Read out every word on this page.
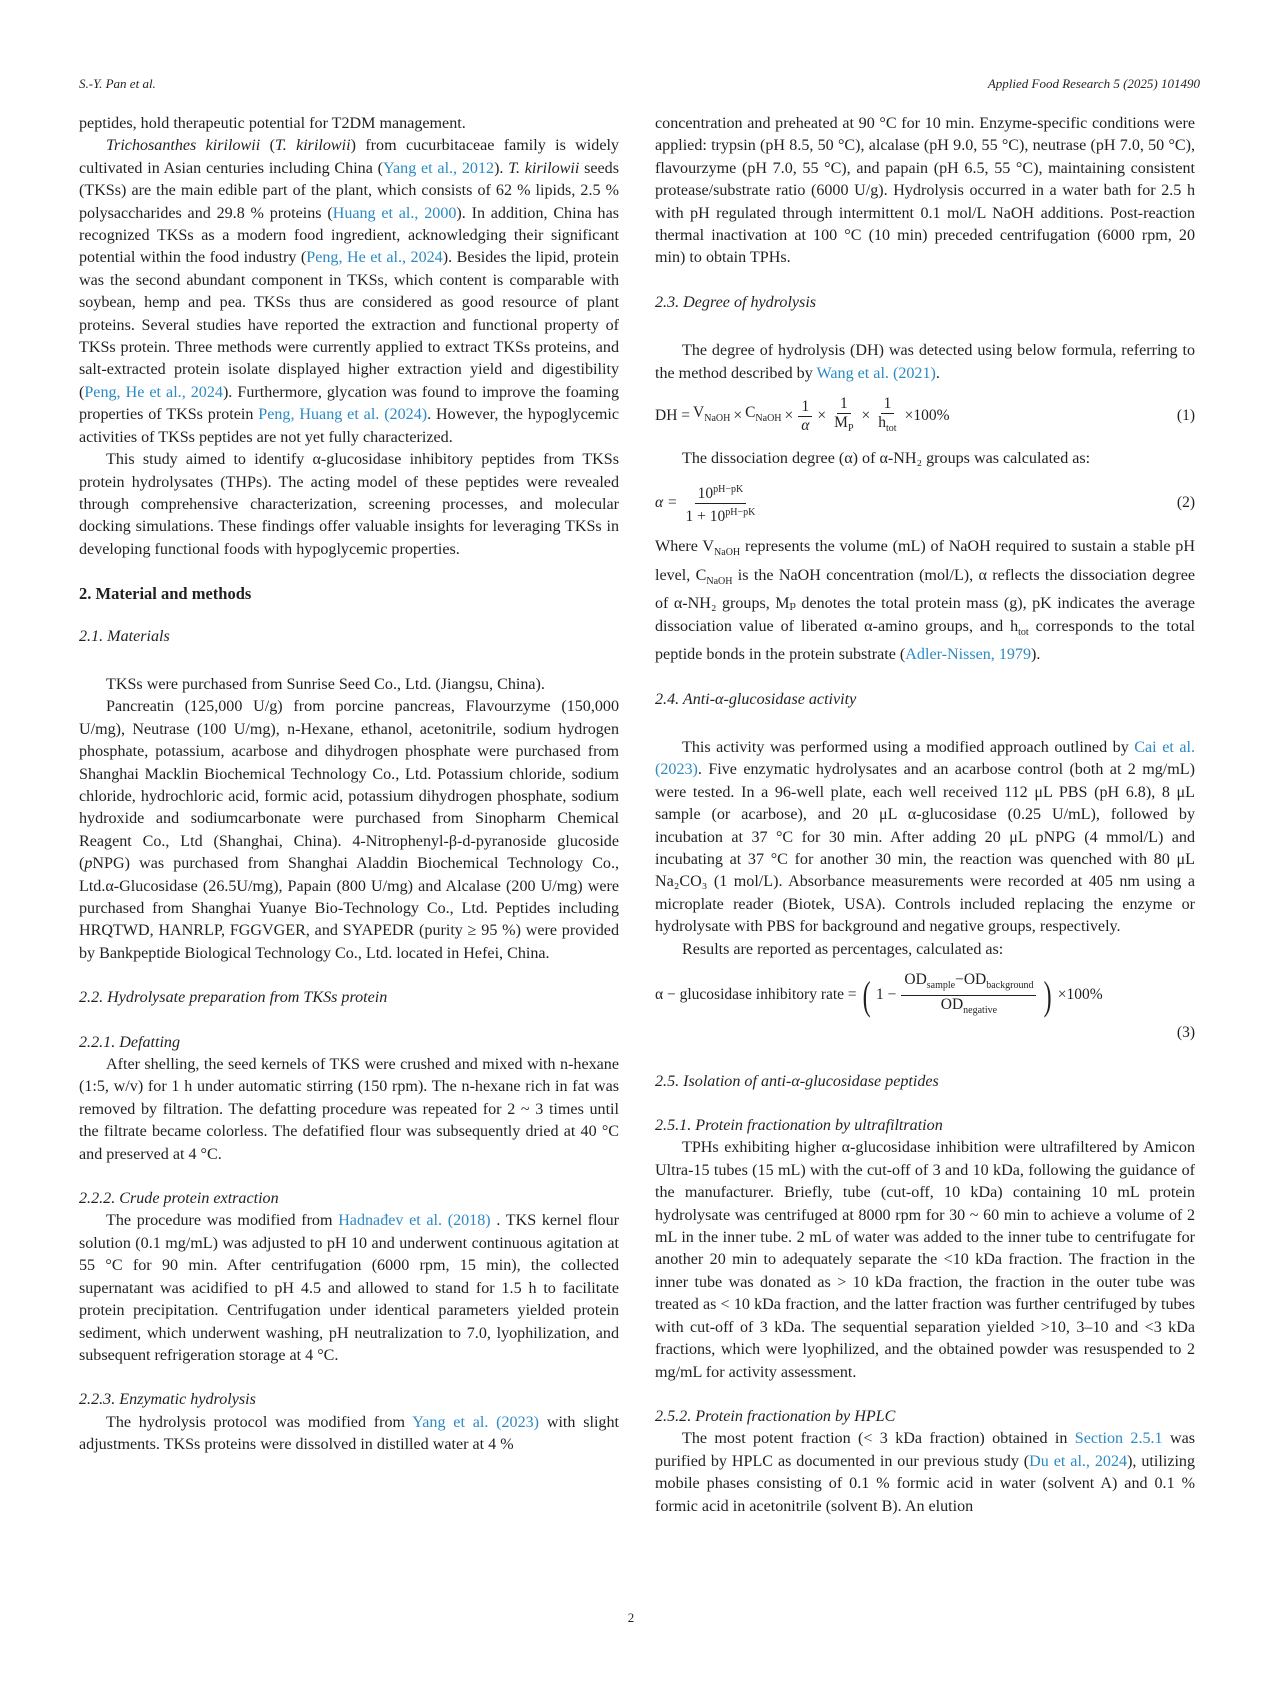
S.-Y. Pan et al.	Applied Food Research 5 (2025) 101490

peptides, hold therapeutic potential for T2DM management.

Trichosanthes kirilowii (T. kirilowii) from cucurbitaceae family is widely cultivated in Asian centuries including China (Yang et al., 2012). T. kirilowii seeds (TKSs) are the main edible part of the plant, which consists of 62 % lipids, 2.5 % polysaccharides and 29.8 % proteins (Huang et al., 2000). In addition, China has recognized TKSs as a modern food ingredient, acknowledging their significant potential within the food industry (Peng, He et al., 2024). Besides the lipid, protein was the second abundant component in TKSs, which content is comparable with soybean, hemp and pea. TKSs thus are considered as good resource of plant proteins. Several studies have reported the extraction and functional property of TKSs protein. Three methods were currently applied to extract TKSs proteins, and salt-extracted protein isolate displayed higher extraction yield and digestibility (Peng, He et al., 2024). Furthermore, glycation was found to improve the foaming properties of TKSs protein Peng, Huang et al. (2024). However, the hypoglycemic activities of TKSs peptides are not yet fully characterized.

This study aimed to identify α-glucosidase inhibitory peptides from TKSs protein hydrolysates (THPs). The acting model of these peptides were revealed through comprehensive characterization, screening processes, and molecular docking simulations. These findings offer valuable insights for leveraging TKSs in developing functional foods with hypoglycemic properties.

2. Material and methods
2.1. Materials

TKSs were purchased from Sunrise Seed Co., Ltd. (Jiangsu, China).

Pancreatin (125,000 U/g) from porcine pancreas, Flavourzyme (150,000 U/mg), Neutrase (100 U/mg), n-Hexane, ethanol, acetonitrile, sodium hydrogen phosphate, potassium, acarbose and dihydrogen phosphate were purchased from Shanghai Macklin Biochemical Technology Co., Ltd. Potassium chloride, sodium chloride, hydrochloric acid, formic acid, potassium dihydrogen phosphate, sodium hydroxide and sodiumcarbonate were purchased from Sinopharm Chemical Reagent Co., Ltd (Shanghai, China). 4-Nitrophenyl-β-d-pyranoside glucoside (pNPG) was purchased from Shanghai Aladdin Biochemical Technology Co., Ltd.α-Glucosidase (26.5U/mg), Papain (800 U/mg) and Alcalase (200 U/mg) were purchased from Shanghai Yuanye Bio-Technology Co., Ltd. Peptides including HRQTWD, HANRLP, FGGVGER, and SYAPEDR (purity ≥ 95 %) were provided by Bankpeptide Biological Technology Co., Ltd. located in Hefei, China.

2.2. Hydrolysate preparation from TKSs protein
2.2.1. Defatting

After shelling, the seed kernels of TKS were crushed and mixed with n-hexane (1:5, w/v) for 1 h under automatic stirring (150 rpm). The n-hexane rich in fat was removed by filtration. The defatting procedure was repeated for 2 ~ 3 times until the filtrate became colorless. The defatified flour was subsequently dried at 40 °C and preserved at 4 °C.

2.2.2. Crude protein extraction

The procedure was modified from Hadnađev et al. (2018) . TKS kernel flour solution (0.1 mg/mL) was adjusted to pH 10 and underwent continuous agitation at 55 °C for 90 min. After centrifugation (6000 rpm, 15 min), the collected supernatant was acidified to pH 4.5 and allowed to stand for 1.5 h to facilitate protein precipitation. Centrifugation under identical parameters yielded protein sediment, which underwent washing, pH neutralization to 7.0, lyophilization, and subsequent refrigeration storage at 4 °C.

2.2.3. Enzymatic hydrolysis

The hydrolysis protocol was modified from Yang et al. (2023) with slight adjustments. TKSs proteins were dissolved in distilled water at 4 %

concentration and preheated at 90 °C for 10 min. Enzyme-specific conditions were applied: trypsin (pH 8.5, 50 °C), alcalase (pH 9.0, 55 °C), neutrase (pH 7.0, 50 °C), flavourzyme (pH 7.0, 55 °C), and papain (pH 6.5, 55 °C), maintaining consistent protease/substrate ratio (6000 U/g). Hydrolysis occurred in a water bath for 2.5 h with pH regulated through intermittent 0.1 mol/L NaOH additions. Post-reaction thermal inactivation at 100 °C (10 min) preceded centrifugation (6000 rpm, 20 min) to obtain TPHs.

2.3. Degree of hydrolysis

The degree of hydrolysis (DH) was detected using below formula, referring to the method described by Wang et al. (2021).

DH = $V_{NaOH} \times C_{NaOH} \times \frac{1}{\alpha} \times \frac{1}{M_P} \times \frac{1}{h_{tot}} \times 100\%$	(1)

The dissociation degree (α) of α-NH₂ groups was calculated as:

$\alpha = \frac{10^{pH-pK}}{1 + 10^{pH-pK}}$	(2)

Where $V_{NaOH}$ represents the volume (mL) of NaOH required to sustain a stable pH level, $C_{NaOH}$ is the NaOH concentration (mol/L), α reflects the dissociation degree of α-NH₂ groups, Mₚ denotes the total protein mass (g), pK indicates the average dissociation value of liberated α-amino groups, and $h_{tot}$ corresponds to the total peptide bonds in the protein substrate (Adler-Nissen, 1979).

2.4. Anti-α-glucosidase activity

This activity was performed using a modified approach outlined by Cai et al. (2023). Five enzymatic hydrolysates and an acarbose control (both at 2 mg/mL) were tested. In a 96-well plate, each well received 112 μL PBS (pH 6.8), 8 μL sample (or acarbose), and 20 μL α-glucosidase (0.25 U/mL), followed by incubation at 37 °C for 30 min. After adding 20 μL pNPG (4 mmol/L) and incubating at 37 °C for another 30 min, the reaction was quenched with 80 μL Na₂CO₃ (1 mol/L). Absorbance measurements were recorded at 405 nm using a microplate reader (Biotek, USA). Controls included replacing the enzyme or hydrolysate with PBS for background and negative groups, respectively.

Results are reported as percentages, calculated as:

α − glucosidase inhibitory rate = ( $1 - \frac{OD_{sample}-OD_{background}}{OD_{negative}}$ ) ×100%
(3)
2.5. Isolation of anti-α-glucosidase peptides
2.5.1. Protein fractionation by ultrafiltration

TPHs exhibiting higher α-glucosidase inhibition were ultrafiltered by Amicon Ultra-15 tubes (15 mL) with the cut-off of 3 and 10 kDa, following the guidance of the manufacturer. Briefly, tube (cut-off, 10 kDa) containing 10 mL protein hydrolysate was centrifuged at 8000 rpm for 30 ~ 60 min to achieve a volume of 2 mL in the inner tube. 2 mL of water was added to the inner tube to centrifugate for another 20 min to adequately separate the <10 kDa fraction. The fraction in the inner tube was donated as > 10 kDa fraction, the fraction in the outer tube was treated as < 10 kDa fraction, and the latter fraction was further centrifuged by tubes with cut-off of 3 kDa. The sequential separation yielded >10, 3–10 and <3 kDa fractions, which were lyophilized, and the obtained powder was resuspended to 2 mg/mL for activity assessment.

2.5.2. Protein fractionation by HPLC

The most potent fraction (< 3 kDa fraction) obtained in Section 2.5.1 was purified by HPLC as documented in our previous study (Du et al., 2024), utilizing mobile phases consisting of 0.1 % formic acid in water (solvent A) and 0.1 % formic acid in acetonitrile (solvent B). An elution

2
